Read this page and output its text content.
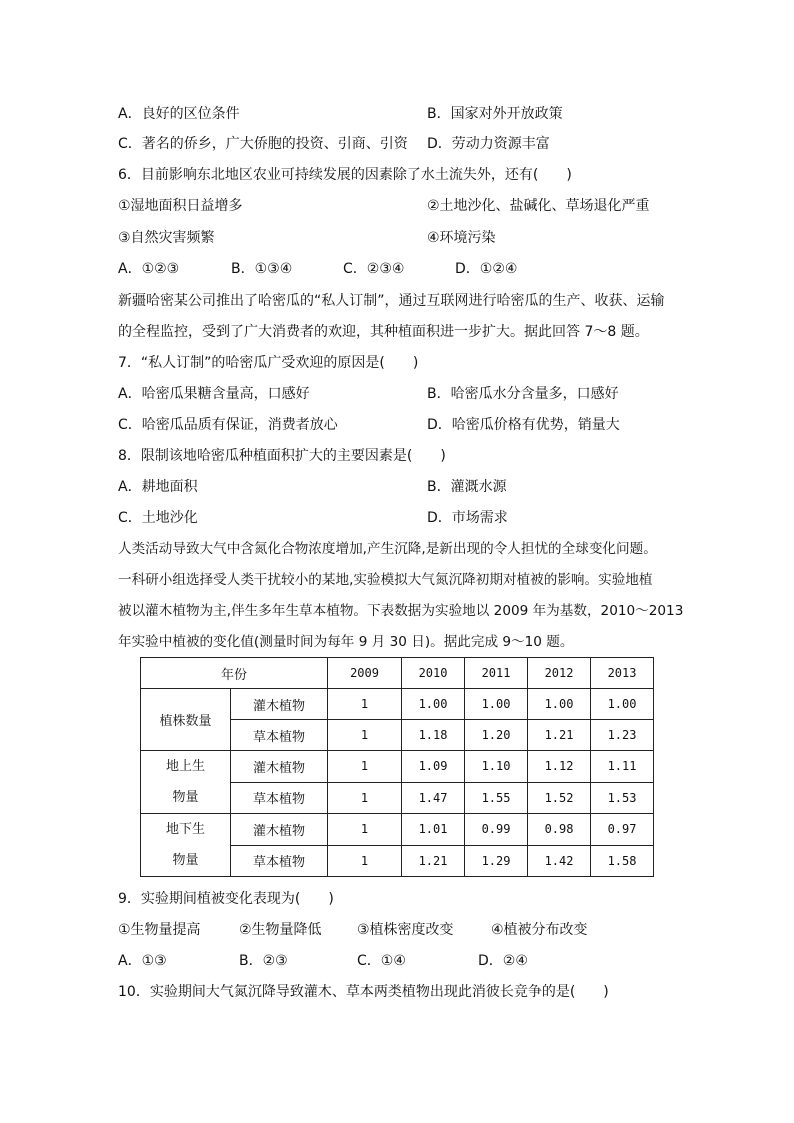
A．良好的区位条件	B．国家对外开放政策
C．著名的侨乡，广大侨胞的投资、引商、引资 D．劳动力资源丰富
6．目前影响东北地区农业可持续发展的因素除了水土流失外，还有(　　)
①湿地面积日益增多	②土地沙化、盐碱化、草场退化严重
③自然灾害频繁	④环境污染
A．①②③	B．①③④	C．②③④	D．①②④
新疆哈密某公司推出了哈密瓜的“私人订制”，通过互联网进行哈密瓜的生产、收获、运输
的全程监控，受到了广大消费者的欢迎，其种植面积进一步扩大。据此回答 7～8 题。
7．“私人订制”的哈密瓜广受欢迎的原因是(　　)
A．哈密瓜果糖含量高，口感好	B．哈密瓜水分含量多，口感好
C．哈密瓜品质有保证，消费者放心	D．哈密瓜价格有优势，销量大
8．限制该地哈密瓜种植面积扩大的主要因素是(　　)
A．耕地面积	B．灌溉水源
C．土地沙化	D．市场需求
人类活动导致大气中含氮化合物浓度增加,产生沉降,是新出现的令人担忧的全球变化问题。
一科研小组选择受人类干扰较小的某地,实验模拟大气氮沉降初期对植被的影响。实验地植
被以灌木植物为主,伴生多年生草本植物。下表数据为实验地以 2009 年为基数，2010～2013
年实验中植被的变化值(测量时间为每年 9 月 30 日)。据此完成 9～10 题。
年份		2009	2010	2011	2012	2013
植株数量	灌木植物	1	1.00	1.00	1.00	1.00
	草本植物	1	1.18	1.20	1.21	1.23

地上生
物量	灌木植物	1	1.09	1.10	1.12	1.11
	草本植物	1	1.47	1.55	1.52	1.53

地下生
物量	灌木植物	1	1.01	0.99	0.98	0.97
	草本植物	1	1.21	1.29	1.42	1.58
9．实验期间植被变化表现为(　　)
①生物量提高	②生物量降低	③植株密度改变	④植被分布改变
A．①③	B．②③	C．①④	D．②④
10．实验期间大气氮沉降导致灌木、草本两类植物出现此消彼长竞争的是(　　)
